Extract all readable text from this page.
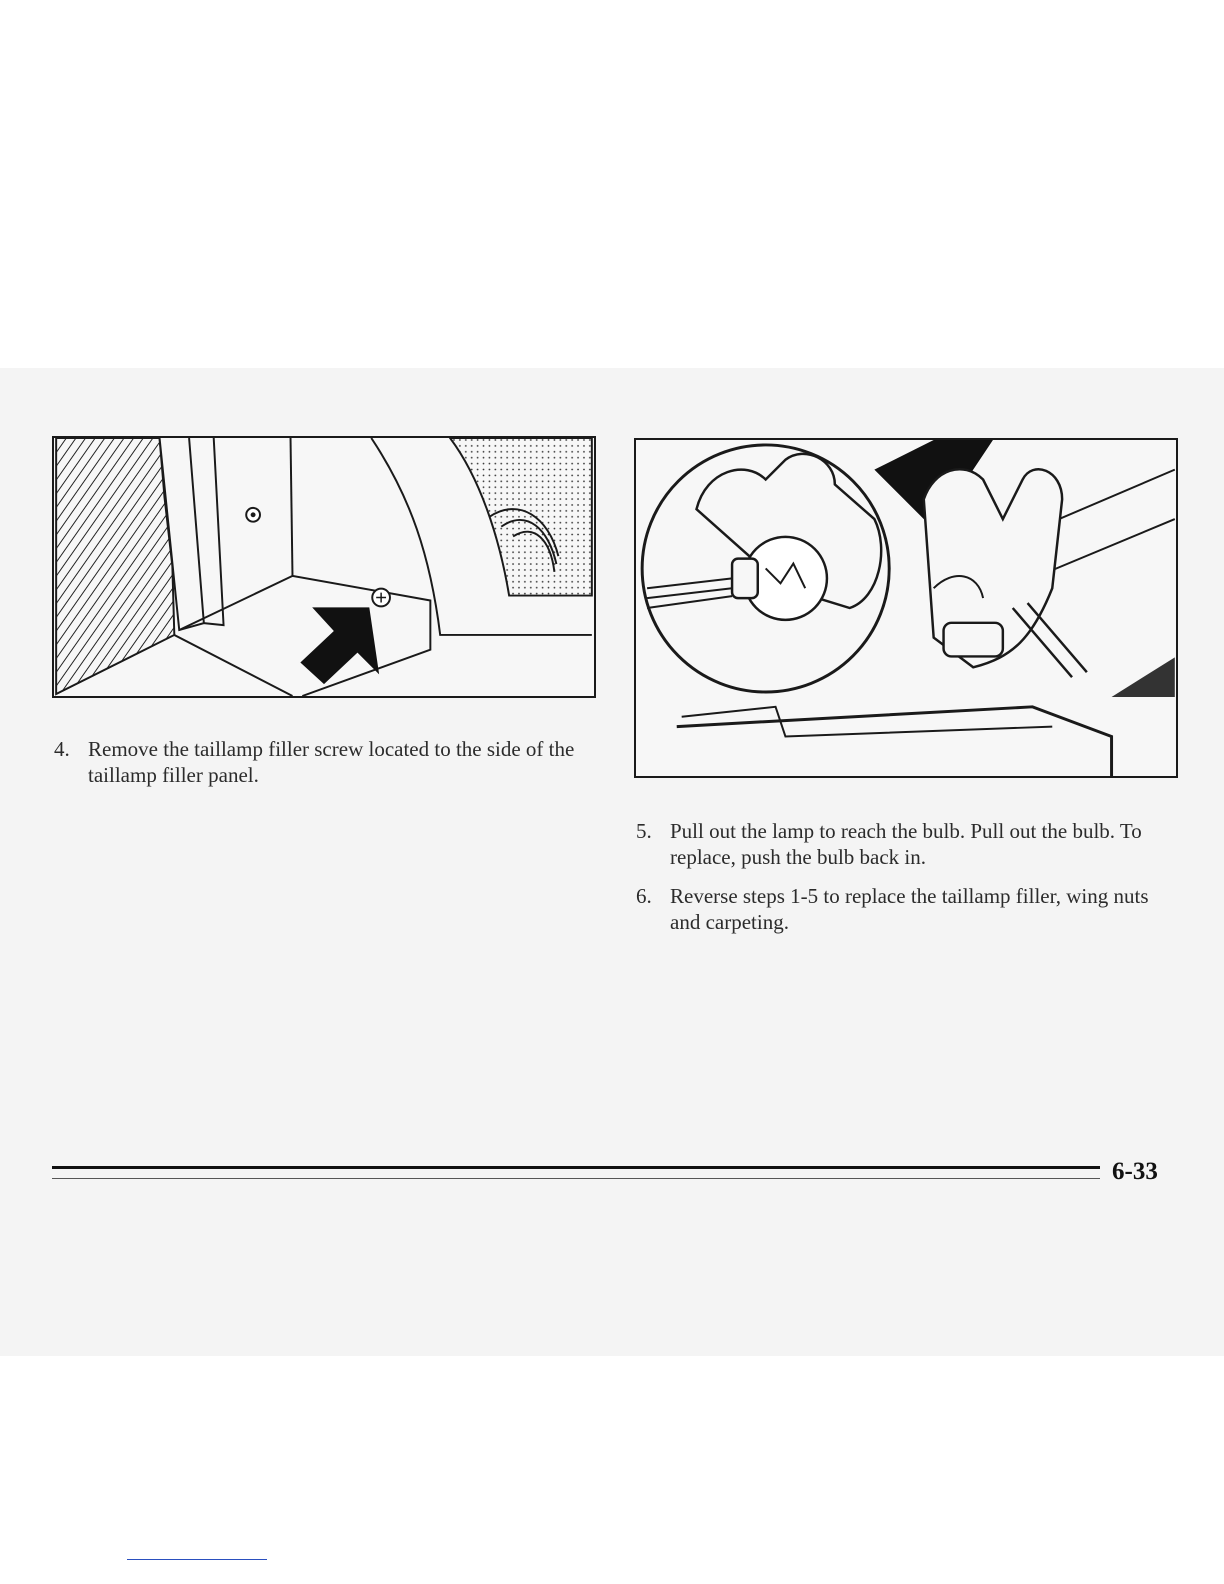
4. Remove the taillamp filler screw located to the side of the taillamp filler panel.
5. Pull out the lamp to reach the bulb. Pull out the bulb. To replace, push the bulb back in.
6. Reverse steps 1-5 to replace the taillamp filler, wing nuts and carpeting.
6-33
